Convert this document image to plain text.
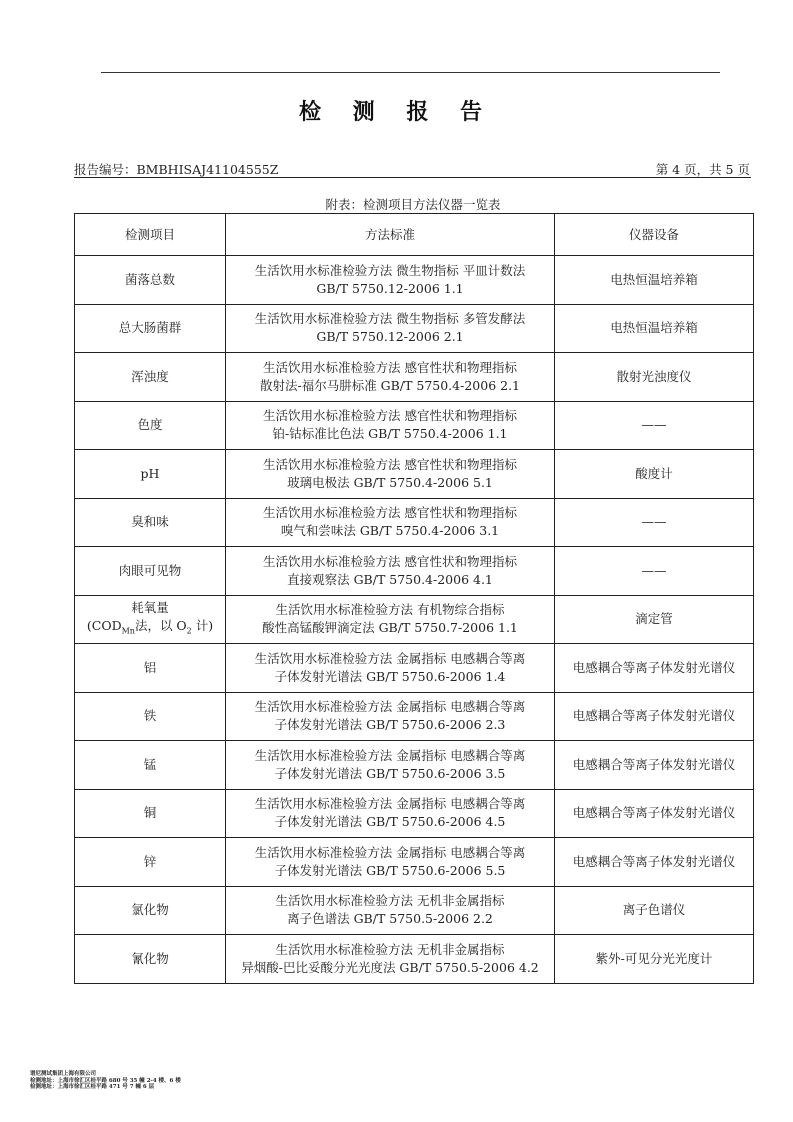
检 测 报 告
报告编号：BMBHISAJ41104555Z	第 4 页，共 5 页
附表：检测项目方法仪器一览表
检测项目	方法标准	仪器设备

菌落总数	生活饮用水标准检验方法 微生物指标 平皿计数法
GB/T 5750.12-2006 1.1	电热恒温培养箱

总大肠菌群	生活饮用水标准检验方法 微生物指标 多管发酵法
GB/T 5750.12-2006 2.1	电热恒温培养箱

浑浊度	生活饮用水标准检验方法 感官性状和物理指标
散射法-福尔马肼标准 GB/T 5750.4-2006 2.1	散射光浊度仪

色度	生活饮用水标准检验方法 感官性状和物理指标
铂-钴标准比色法 GB/T 5750.4-2006 1.1	——

pH	生活饮用水标准检验方法 感官性状和物理指标
玻璃电极法 GB/T 5750.4-2006 5.1	酸度计

臭和味	生活饮用水标准检验方法 感官性状和物理指标
嗅气和尝味法 GB/T 5750.4-2006 3.1	——

肉眼可见物	生活饮用水标准检验方法 感官性状和物理指标
直接观察法 GB/T 5750.4-2006 4.1	——

耗氧量
($COD_{Mn}$法，以 $O_2$ 计)	生活饮用水标准检验方法 有机物综合指标
酸性高锰酸钾滴定法 GB/T 5750.7-2006 1.1	滴定管

铝	生活饮用水标准检验方法 金属指标 电感耦合等离
子体发射光谱法 GB/T 5750.6-2006 1.4	电感耦合等离子体发射光谱仪

铁	生活饮用水标准检验方法 金属指标 电感耦合等离
子体发射光谱法 GB/T 5750.6-2006 2.3	电感耦合等离子体发射光谱仪

锰	生活饮用水标准检验方法 金属指标 电感耦合等离
子体发射光谱法 GB/T 5750.6-2006 3.5	电感耦合等离子体发射光谱仪

铜	生活饮用水标准检验方法 金属指标 电感耦合等离
子体发射光谱法 GB/T 5750.6-2006 4.5	电感耦合等离子体发射光谱仪

锌	生活饮用水标准检验方法 金属指标 电感耦合等离
子体发射光谱法 GB/T 5750.6-2006 5.5	电感耦合等离子体发射光谱仪

氯化物	生活饮用水标准检验方法 无机非金属指标
离子色谱法 GB/T 5750.5-2006 2.2	离子色谱仪

氰化物	生活饮用水标准检验方法 无机非金属指标
异烟酸-巴比妥酸分光光度法 GB/T 5750.5-2006 4.2	紫外-可见分光光度计
谱尼测试集团上海有限公司
检测地址：上海市徐汇区桂平路 680 号 35 幢 2-4 楼、6 楼
检测地址：上海市徐汇区桂平路 471 号 7 幢 6 层
